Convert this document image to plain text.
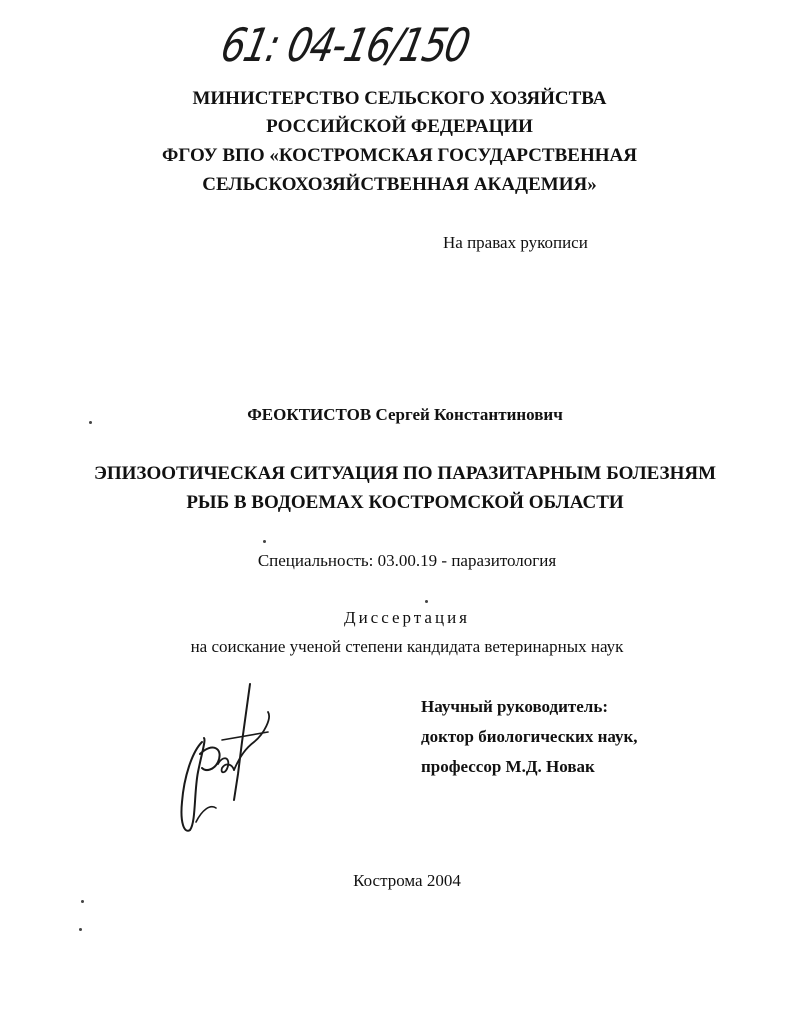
61: 04-16/150
МИНИСТЕРСТВО СЕЛЬСКОГО ХОЗЯЙСТВА
РОССИЙСКОЙ ФЕДЕРАЦИИ
ФГОУ ВПО «КОСТРОМСКАЯ ГОСУДАРСТВЕННАЯ
СЕЛЬСКОХОЗЯЙСТВЕННАЯ АКАДЕМИЯ»
На правах рукописи
ФЕОКТИСТОВ Сергей Константинович
ЭПИЗООТИЧЕСКАЯ СИТУАЦИЯ ПО ПАРАЗИТАРНЫМ БОЛЕЗНЯМ
РЫБ В ВОДОЕМАХ КОСТРОМСКОЙ ОБЛАСТИ
Специальность: 03.00.19 - паразитология
Диссертация
на соискание ученой степени кандидата ветеринарных наук
Научный руководитель:
доктор биологических наук,
профессор М.Д. Новак
Кострома 2004
